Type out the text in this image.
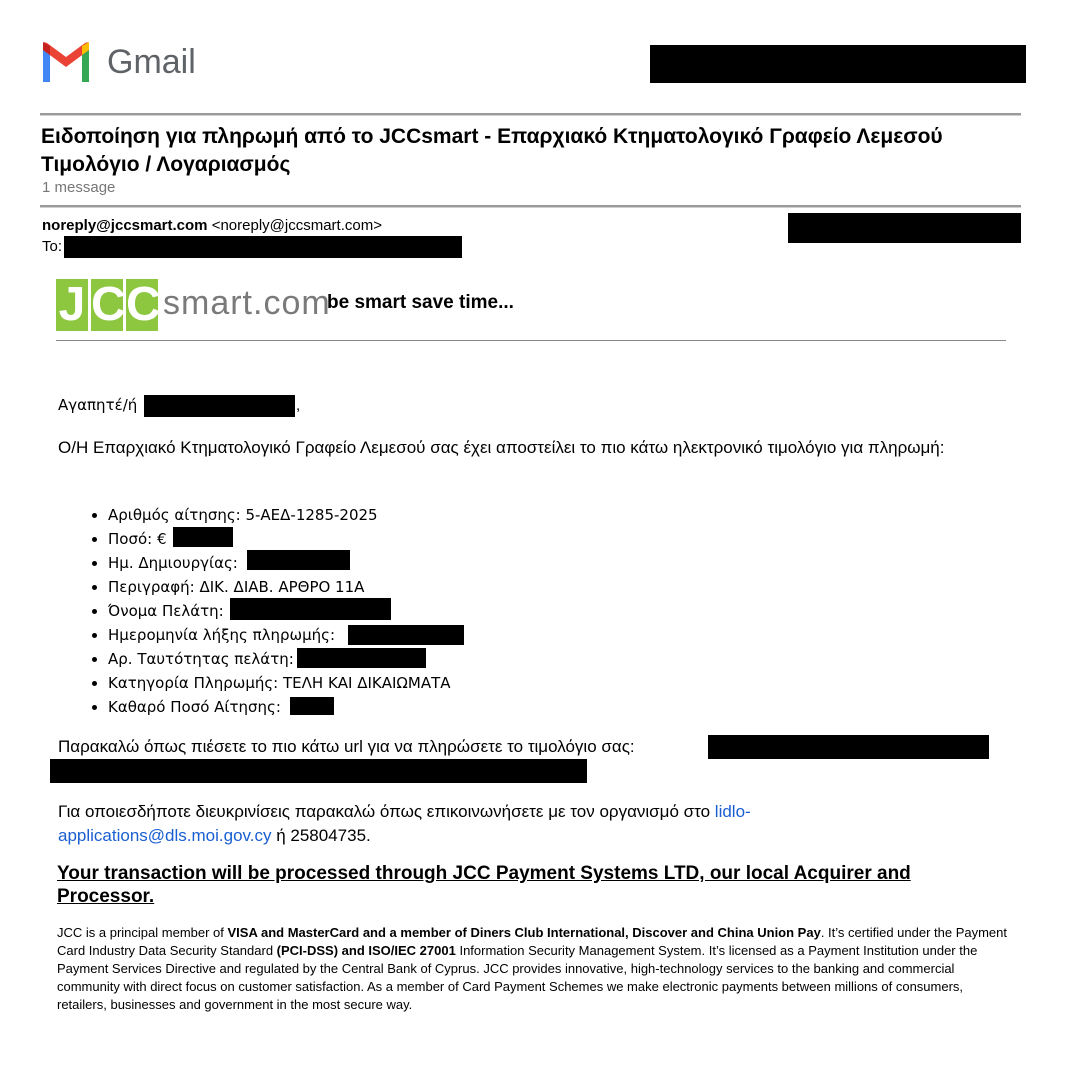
Gmail
Ειδοποίηση για πληρωμή από το JCCsmart - Επαρχιακό Κτηματολογικό Γραφείο Λεμεσού Τιμολόγιο / Λογαριασμός
1 message
noreply@jccsmart.com <noreply@jccsmart.com>
To:
J C C smart.com
be smart save time...
Αγαπητέ/ή	,
Ο/Η Επαρχιακό Κτηματολογικό Γραφείο Λεμεσού σας έχει αποστείλει το πιο κάτω ηλεκτρονικό τιμολόγιο για πληρωμή:
• Αριθμός αίτησης: 5-ΑΕΔ-1285-2025
• Ποσό: €
• Ημ. Δημιουργίας:
• Περιγραφή: ΔΙΚ. ΔΙΑΒ. ΑΡΘΡΟ 11Α
• Όνομα Πελάτη:
• Ημερομηνία λήξης πληρωμής:
• Αρ. Ταυτότητας πελάτη:
• Κατηγορία Πληρωμής: ΤΕΛΗ ΚΑΙ ΔΙΚΑΙΩΜΑΤΑ
• Καθαρό Ποσό Αίτησης:
Παρακαλώ όπως πιέσετε το πιο κάτω url για να πληρώσετε το τιμολόγιο σας:
Για οποιεσδήποτε διευκρινίσεις παρακαλώ όπως επικοινωνήσετε με τον οργανισμό στο lidlo-applications@dls.moi.gov.cy ή 25804735.
Your transaction will be processed through JCC Payment Systems LTD, our local Acquirer and Processor.
JCC is a principal member of VISA and MasterCard and a member of Diners Club International, Discover and China Union Pay. It’s certified under the Payment Card Industry Data Security Standard (PCI-DSS) and ISO/IEC 27001 Information Security Management System. It’s licensed as a Payment Institution under the Payment Services Directive and regulated by the Central Bank of Cyprus. JCC provides innovative, high-technology services to the banking and commercial community with direct focus on customer satisfaction. As a member of Card Payment Schemes we make electronic payments between millions of consumers, retailers, businesses and government in the most secure way.
